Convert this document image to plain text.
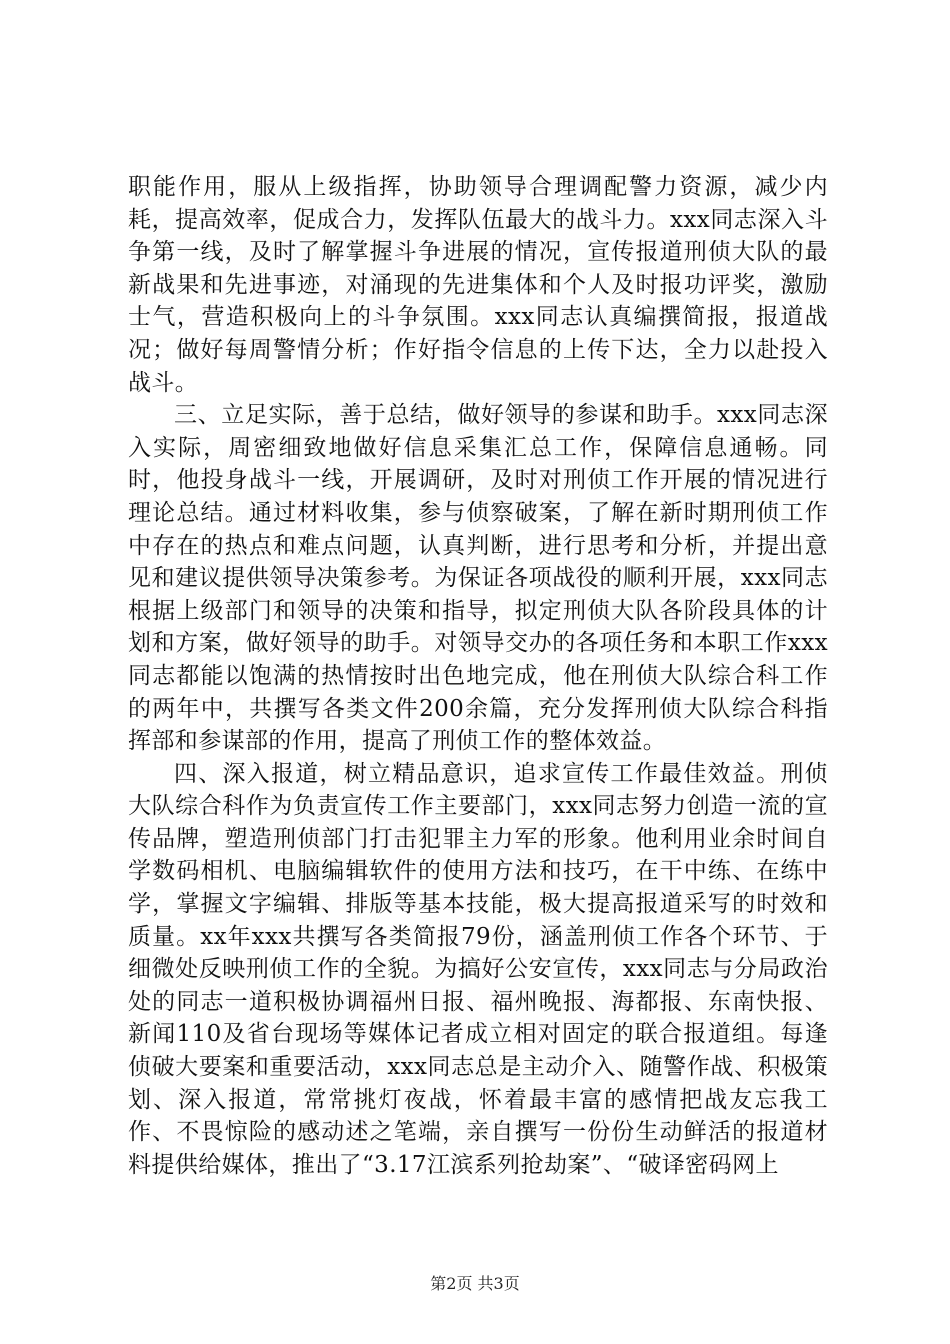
职能作用，服从上级指挥，协助领导合理调配警力资源，减少内耗，提高效率，促成合力，发挥队伍最大的战斗力。xxx同志深入斗争第一线，及时了解掌握斗争进展的情况，宣传报道刑侦大队的最新战果和先进事迹，对涌现的先进集体和个人及时报功评奖，激励士气，营造积极向上的斗争氛围。xxx同志认真编撰简报，报道战况；做好每周警情分析；作好指令信息的上传下达，全力以赴投入战斗。

三、立足实际，善于总结，做好领导的参谋和助手。xxx同志深入实际，周密细致地做好信息采集汇总工作，保障信息通畅。同时，他投身战斗一线，开展调研，及时对刑侦工作开展的情况进行理论总结。通过材料收集，参与侦察破案，了解在新时期刑侦工作中存在的热点和难点问题，认真判断，进行思考和分析，并提出意见和建议提供领导决策参考。为保证各项战役的顺利开展，xxx同志根据上级部门和领导的决策和指导，拟定刑侦大队各阶段具体的计划和方案，做好领导的助手。对领导交办的各项任务和本职工作xxx同志都能以饱满的热情按时出色地完成，他在刑侦大队综合科工作的两年中，共撰写各类文件200余篇，充分发挥刑侦大队综合科指挥部和参谋部的作用，提高了刑侦工作的整体效益。

四、深入报道，树立精品意识，追求宣传工作最佳效益。刑侦大队综合科作为负责宣传工作主要部门，xxx同志努力创造一流的宣传品牌，塑造刑侦部门打击犯罪主力军的形象。他利用业余时间自学数码相机、电脑编辑软件的使用方法和技巧，在干中练、在练中学，掌握文字编辑、排版等基本技能，极大提高报道采写的时效和质量。xx年xxx共撰写各类简报79份，涵盖刑侦工作各个环节、于细微处反映刑侦工作的全貌。为搞好公安宣传，xxx同志与分局政治处的同志一道积极协调福州日报、福州晚报、海都报、东南快报、新闻110及省台现场等媒体记者成立相对固定的联合报道组。每逢侦破大要案和重要活动，xxx同志总是主动介入、随警作战、积极策划、深入报道，常常挑灯夜战，怀着最丰富的感情把战友忘我工作、不畏惊险的感动述之笔端，亲自撰写一份份生动鲜活的报道材料提供给媒体，推出了“3.17江滨系列抢劫案”、“破译密码网上

第2页 共3页
